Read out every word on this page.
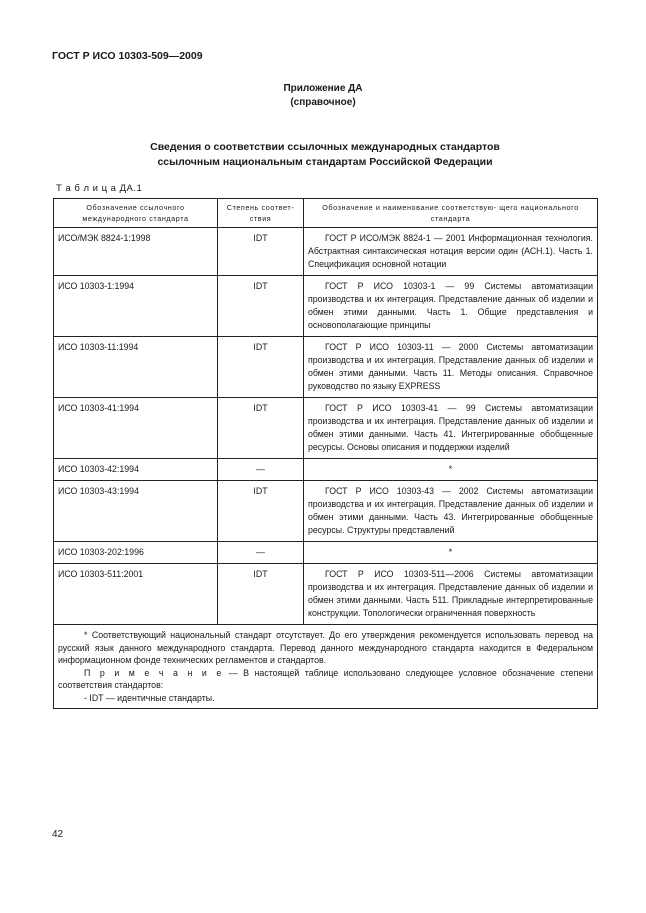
ГОСТ Р ИСО 10303-509—2009
Приложение ДА
(справочное)
Сведения о соответствии ссылочных международных стандартов
ссылочным национальным стандартам Российской Федерации
Т а б л и ц а ДА.1
Обозначение ссылочного международного стандарта	Степень соответ- ствия	Обозначение и наименование соответствую- щего национального стандарта
ИСО/МЭК 8824-1:1998	IDT	ГОСТ Р ИСО/МЭК 8824-1 — 2001 Информационная технология. Абстрактная синтаксическая нотация версии один (АСН.1). Часть 1. Спецификация основной нотации
ИСО 10303-1:1994	IDT	ГОСТ Р ИСО 10303-1 — 99 Системы автоматизации производства и их интеграция. Представление данных об изделии и обмен этими данными. Часть 1. Общие представления и основополагающие принципы
ИСО 10303-11:1994	IDT	ГОСТ Р ИСО 10303-11 — 2000 Системы автоматизации производства и их интеграция. Представление данных об изделии и обмен этими данными. Часть 11. Методы описания. Справочное руководство по языку EXPRESS
ИСО 10303-41:1994	IDT	ГОСТ Р ИСО 10303-41 — 99 Системы автоматизации производства и их интеграция. Представление данных об изделии и обмен этими данными. Часть 41. Интегрированные обобщенные ресурсы. Основы описания и поддержки изделий
ИСО 10303-42:1994	—	*
ИСО 10303-43:1994	IDT	ГОСТ Р ИСО 10303-43 — 2002 Системы автоматизации производства и их интеграция. Представление данных об изделии и обмен этими данными. Часть 43. Интегрированные обобщенные ресурсы. Структуры представлений
ИСО 10303-202:1996	—	*
ИСО 10303-511:2001	IDT	ГОСТ Р ИСО 10303-511—2006 Системы автоматизации производства и их интеграция. Представление данных об изделии и обмен этими данными. Часть 511. Прикладные интерпретированные конструкции. Топологически ограниченная поверхность

* Соответствующий национальный стандарт отсутствует. До его утверждения рекомендуется использовать перевод на русский язык данного международного стандарта. Перевод данного международного стандарта находится в Федеральном информационном фонде технических регламентов и стандартов.
П р и м е ч а н и е — В настоящей таблице использовано следующее условное обозначение степени соответствия стандартов:
- IDT — идентичные стандарты.		
42
